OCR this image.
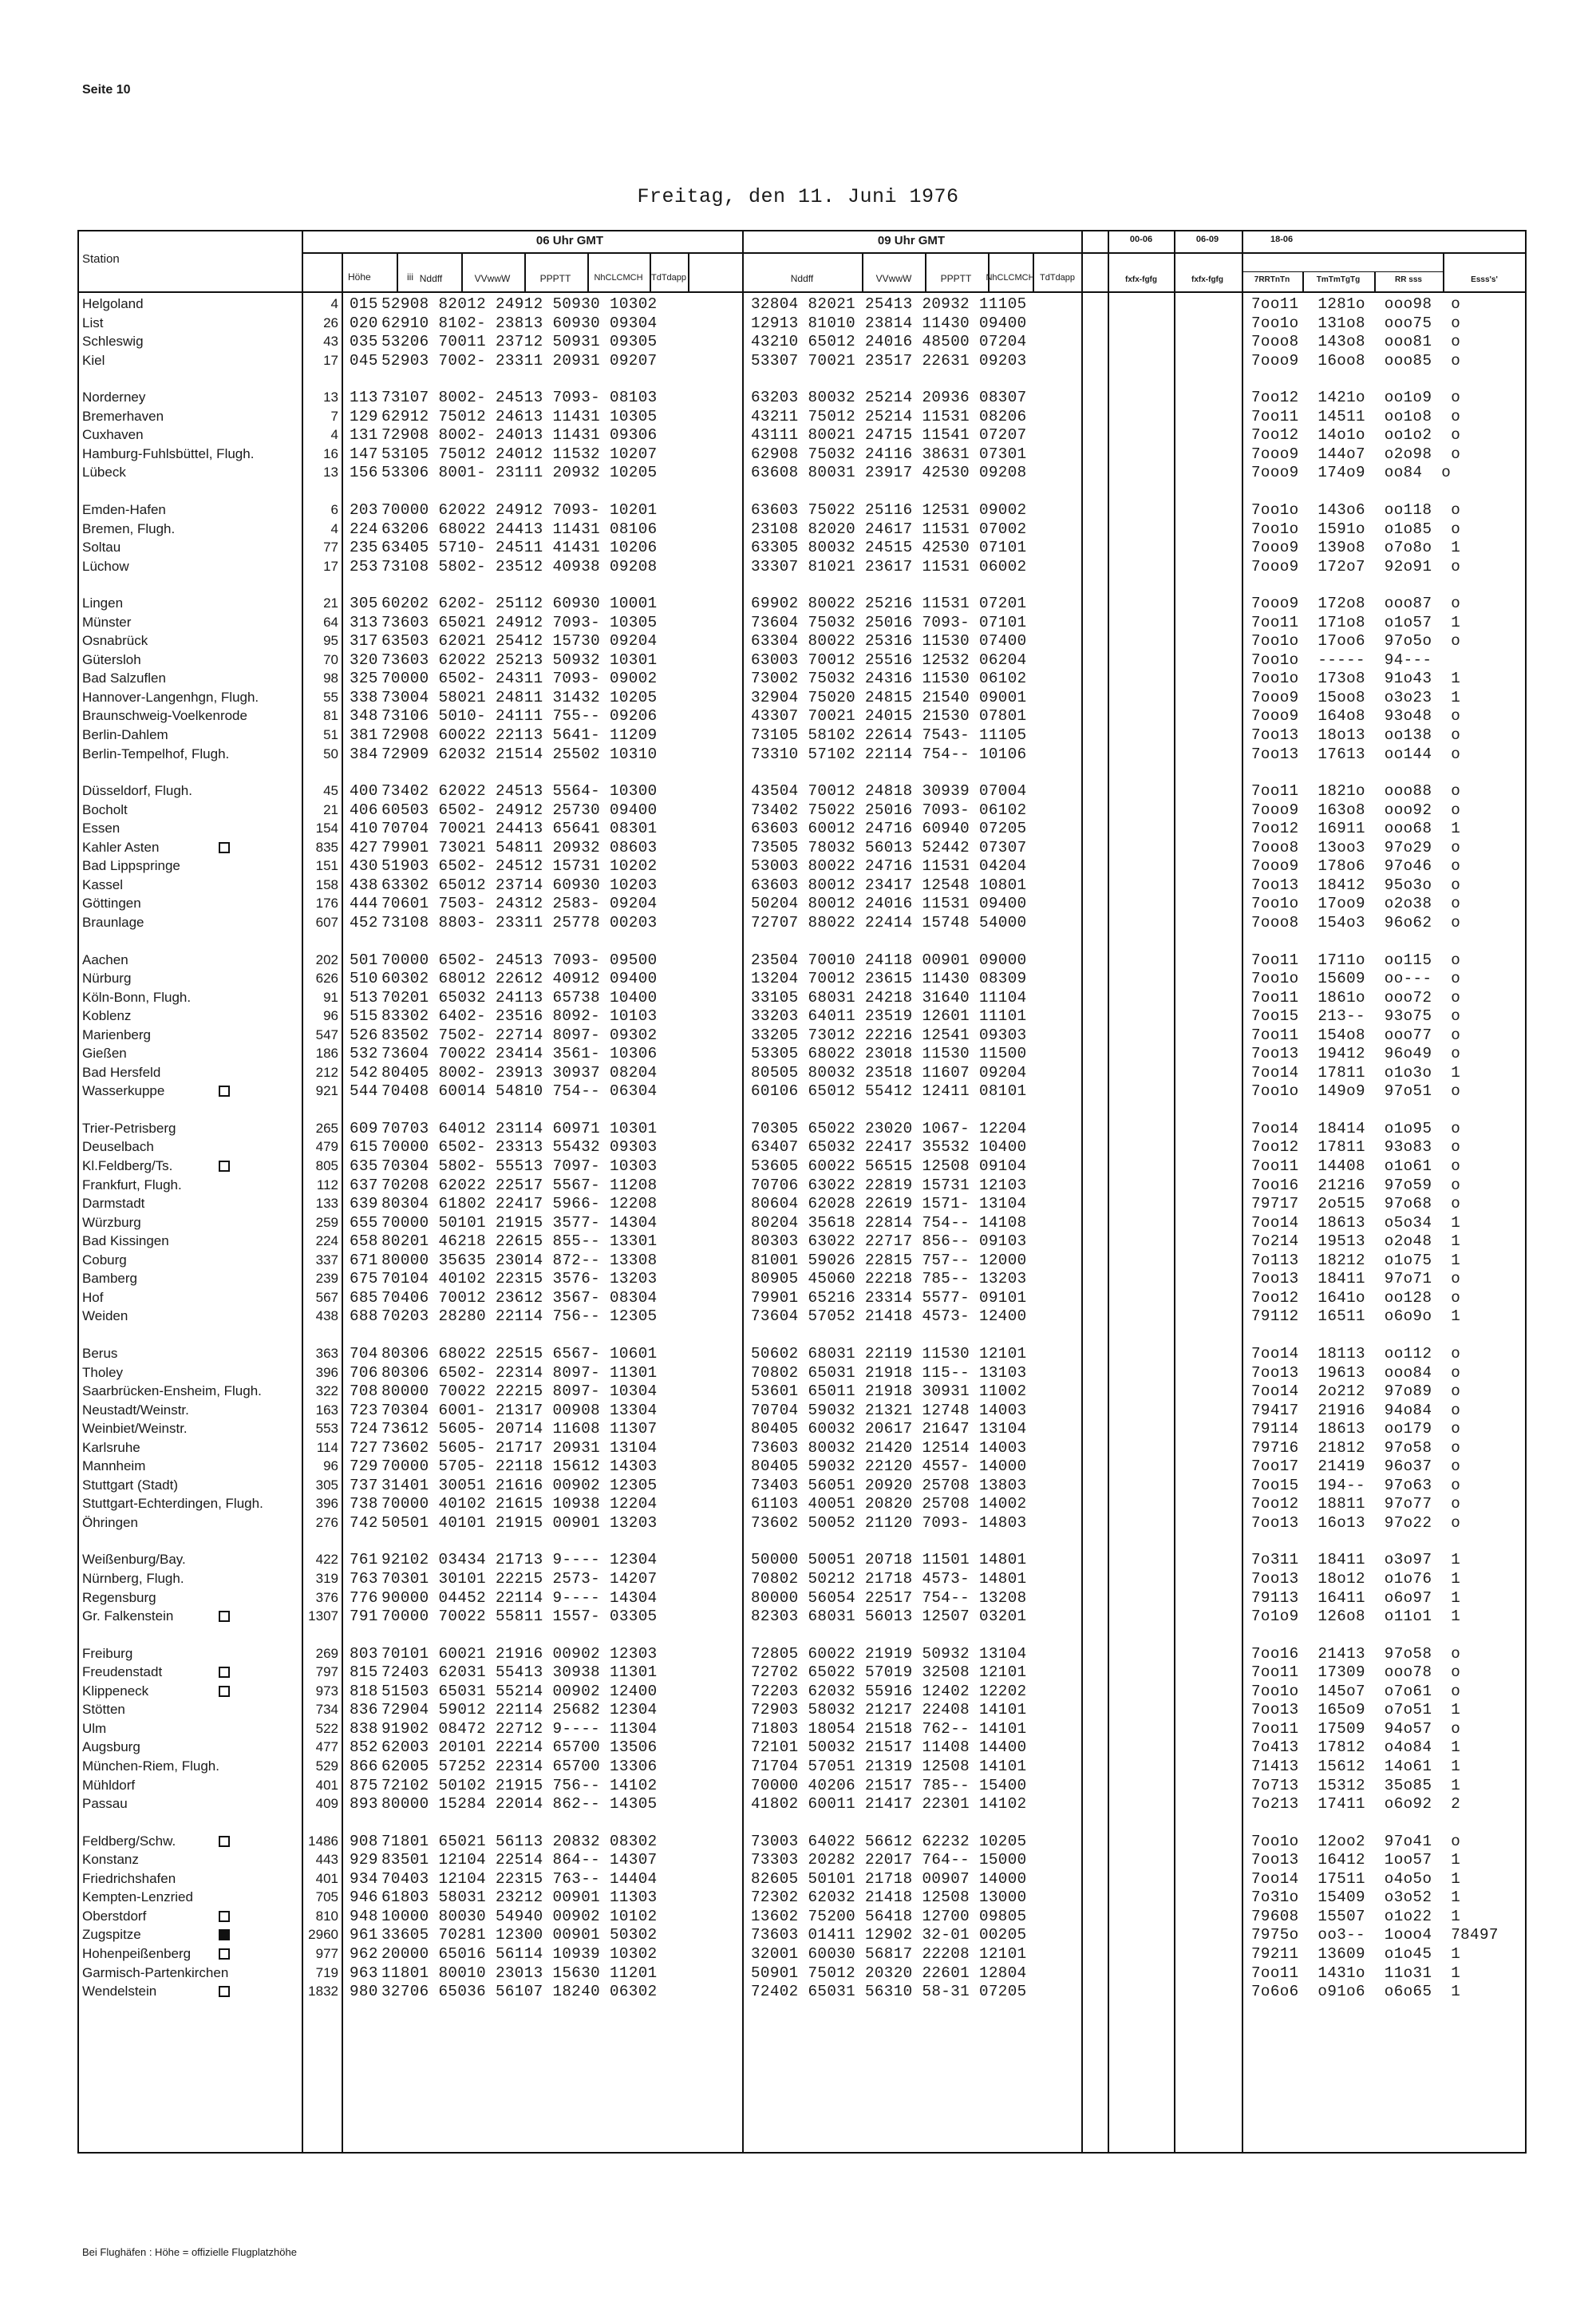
Seite 10
Freitag, den 11. Juni 1976
Station
Höhe	iii
06 Uhr GMT	09 Uhr GMT
Nddff	VVwwW	PPPTT	NhCLCMCH TdTdapp	Nddff	VVwwW	PPPTT NhCLCMCH TdTdapp
00-06	06-09	18-06
fxfx-fgfg	fxfx-fgfg	7RRTnTn	TmTmTgTg	RR sss	Esss's'
Helgoland	4 015 52908 82012 24912 50930 10302	32804 82021 25413 20932 11105	7oo11  1281o  ooo98  o
List	26 020 62910 8102- 23813 60930 09304	12913 81010 23814 11430 09400	7oo1o  131o8  ooo75  o
Schleswig	43 035 53206 70011 23712 50931 09305	43210 65012 24016 48500 07204	7ooo8  143o8  ooo81  o
Kiel	17 045 52903 7002- 23311 20931 09207	53307 70021 23517 22631 09203	7ooo9  16oo8  ooo85  o
Norderney	13 113 73107 8002- 24513 7093- 08103	63203 80032 25214 20936 08307	7oo12  1421o  oo1o9  o
Bremerhaven	7 129 62912 75012 24613 11431 10305	43211 75012 25214 11531 08206	7oo11  14511  oo1o8  o
Cuxhaven	4 131 72908 8002- 24013 11431 09306	43111 80021 24715 11541 07207	7oo12  14o1o  oo1o2  o
Hamburg-Fuhlsbüttel, Flugh.	16 147 53105 75012 24012 11532 10207	62908 75032 24116 38631 07301	7ooo9  144o7  o2o98  o
Lübeck	13 156 53306 8001- 23111 20932 10205	63608 80031 23917 42530 09208	7ooo9  174o9  oo84  o
Emden-Hafen	6 203 70000 62022 24912 7093- 10201	63603 75022 25116 12531 09002	7oo1o  143o6  oo118  o
Bremen, Flugh.	4 224 63206 68022 24413 11431 08106	23108 82020 24617 11531 07002	7oo1o  1591o  o1o85  o
Soltau	77 235 63405 5710- 24511 41431 10206	63305 80032 24515 42530 07101	7ooo9  139o8  o7o8o  1
Lüchow	17 253 73108 5802- 23512 40938 09208	33307 81021 23617 11531 06002	7ooo9  172o7  92o91  o
Lingen	21 305 60202 6202- 25112 60930 10001	69902 80022 25216 11531 07201	7ooo9  172o8  ooo87  o
Münster	64 313 73603 65021 24912 7093- 10305	73604 75032 25016 7093- 07101	7oo11  171o8  o1o57  1
Osnabrück	95 317 63503 62021 25412 15730 09204	63304 80022 25316 11530 07400	7oo1o  17oo6  97o5o  o
Gütersloh	70 320 73603 62022 25213 50932 10301	63003 70012 25516 12532 06204	7oo1o  -----  94---
Bad Salzuflen	98 325 70000 6502- 24311 7093- 09002	73002 75032 24316 11530 06102	7oo1o  173o8  91o43  1
Hannover-Langenhgn, Flugh.	55 338 73004 58021 24811 31432 10205	32904 75020 24815 21540 09001	7ooo9  15oo8  o3o23  1
Braunschweig-Voelkenrode	81 348 73106 5010- 24111 755-- 09206	43307 70021 24015 21530 07801	7ooo9  164o8  93o48  o
Berlin-Dahlem	51 381 72908 60022 22113 5641- 11209	73105 58102 22614 7543- 11105	7oo13  18o13  oo138  o
Berlin-Tempelhof, Flugh.	50 384 72909 62032 21514 25502 10310	73310 57102 22114 754-- 10106	7oo13  17613  oo144  o
Düsseldorf, Flugh.	45 400 73402 62022 24513 5564- 10300	43504 70012 24818 30939 07004	7oo11  1821o  ooo88  o
Bocholt	21 406 60503 6502- 24912 25730 09400	73402 75022 25016 7093- 06102	7ooo9  163o8  ooo92  o
Essen	154 410 70704 70021 24413 65641 08301	63603 60012 24716 60940 07205	7oo12  16911  ooo68  1
Kahler Asten	835 427 79901 73021 54811 20932 08603	73505 78032 56013 52442 07307	7ooo8  13oo3  97o29  o
Bad Lippspringe	151 430 51903 6502- 24512 15731 10202	53003 80022 24716 11531 04204	7ooo9  178o6  97o46  o
Kassel	158 438 63302 65012 23714 60930 10203	63603 80012 23417 12548 10801	7oo13  18412  95o3o  o
Göttingen	176 444 70601 7503- 24312 2583- 09204	50204 80012 24016 11531 09400	7oo1o  17oo9  o2o38  o
Braunlage	607 452 73108 8803- 23311 25778 00203	72707 88022 22414 15748 54000	7ooo8  154o3  96o62  o
Aachen	202 501 70000 6502- 24513 7093- 09500	23504 70010 24118 00901 09000	7oo11  1711o  oo115  o
Nürburg	626 510 60302 68012 22612 40912 09400	13204 70012 23615 11430 08309	7oo1o  15609  oo---  o
Köln-Bonn, Flugh.	91 513 70201 65032 24113 65738 10400	33105 68031 24218 31640 11104	7oo11  1861o  ooo72  o
Koblenz	96 515 83302 6402- 23516 8092- 10103	33203 64011 23519 12601 11101	7oo15  213--  93o75  o
Marienberg	547 526 83502 7502- 22714 8097- 09302	33205 73012 22216 12541 09303	7oo11  154o8  ooo77  o
Gießen	186 532 73604 70022 23414 3561- 10306	53305 68022 23018 11530 11500	7oo13  19412  96o49  o
Bad Hersfeld	212 542 80405 8002- 23913 30937 08204	80505 80032 23518 11607 09204	7oo14  17811  o1o3o  1
Wasserkuppe	921 544 70408 60014 54810 754-- 06304	60106 65012 55412 12411 08101	7oo1o  149o9  97o51  o
Trier-Petrisberg	265 609 70703 64012 23114 60971 10301	70305 65022 23020 1067- 12204	7oo14  18414  o1o95  o
Deuselbach	479 615 70000 6502- 23313 55432 09303	63407 65032 22417 35532 10400	7oo12  17811  93o83  o
Kl.Feldberg/Ts.	805 635 70304 5802- 55513 7097- 10303	53605 60022 56515 12508 09104	7oo11  14408  o1o61  o
Frankfurt, Flugh.	112 637 70208 62022 22517 5567- 11208	70706 63022 22819 15731 12103	7oo16  21216  97o59  o
Darmstadt	133 639 80304 61802 22417 5966- 12208	80604 62028 22619 1571- 13104	79717  2o515  97o68  o
Würzburg	259 655 70000 50101 21915 3577- 14304	80204 35618 22814 754-- 14108	7oo14  18613  o5o34  1
Bad Kissingen	224 658 80201 46218 22615 855-- 13301	80303 63022 22717 856-- 09103	7o214  19513  o2o48  1
Coburg	337 671 80000 35635 23014 872-- 13308	81001 59026 22815 757-- 12000	7o113  18212  o1o75  1
Bamberg	239 675 70104 40102 22315 3576- 13203	80905 45060 22218 785-- 13203	7oo13  18411  97o71  o
Hof	567 685 70406 70012 23612 3567- 08304	79901 65216 23314 5577- 09101	7oo12  1641o  oo128  o
Weiden	438 688 70203 28280 22114 756-- 12305	73604 57052 21418 4573- 12400	79112  16511  o6o9o  1
Berus	363 704 80306 68022 22515 6567- 10601	50602 68031 22119 11530 12101	7oo14  18113  oo112  o
Tholey	396 706 80306 6502- 22314 8097- 11301	70802 65031 21918 115-- 13103	7oo13  19613  ooo84  o
Saarbrücken-Ensheim, Flugh.	322 708 80000 70022 22215 8097- 10304	53601 65011 21918 30931 11002	7oo14  2o212  97o89  o
Neustadt/Weinstr.	163 723 70304 6001- 21317 00908 13304	70704 59032 21321 12748 14003	79417  21916  94o84  o
Weinbiet/Weinstr.	553 724 73612 5605- 20714 11608 11307	80405 60032 20617 21647 13104	79114  18613  oo179  o
Karlsruhe	114 727 73602 5605- 21717 20931 13104	73603 80032 21420 12514 14003	79716  21812  97o58  o
Mannheim	96 729 70000 5705- 22118 15612 14303	80405 59032 22120 4557- 14000	7oo17  21419  96o37  o
Stuttgart (Stadt)	305 737 31401 30051 21616 00902 12305	73403 56051 20920 25708 13803	7oo15  194--  97o63  o
Stuttgart-Echterdingen, Flugh.	396 738 70000 40102 21615 10938 12204	61103 40051 20820 25708 14002	7oo12  18811  97o77  o
Öhringen	276 742 50501 40101 21915 00901 13203	73602 50052 21120 7093- 14803	7oo13  16o13  97o22  o
Weißenburg/Bay.	422 761 92102 03434 21713 9---- 12304	50000 50051 20718 11501 14801	7o311  18411  o3o97  1
Nürnberg, Flugh.	319 763 70301 30101 22215 2573- 14207	70802 50212 21718 4573- 14801	7oo13  18o12  o1o76  1
Regensburg	376 776 90000 04452 22114 9---- 14304	80000 56054 22517 754-- 13208	79113  16411  o6o97  1
Gr. Falkenstein	1307 791 70000 70022 55811 1557- 03305	82303 68031 56013 12507 03201	7o1o9  126o8  o11o1  1
Freiburg	269 803 70101 60021 21916 00902 12303	72805 60022 21919 50932 13104	7oo16  21413  97o58  o
Freudenstadt	797 815 72403 62031 55413 30938 11301	72702 65022 57019 32508 12101	7oo11  17309  ooo78  o
Klippeneck	973 818 51503 65031 55214 00902 12400	72203 62032 55916 12402 12202	7oo1o  145o7  o7o61  o
Stötten	734 836 72904 59012 22114 25682 12304	72903 58032 21217 22408 14101	7oo13  165o9  o7o51  1
Ulm	522 838 91902 08472 22712 9---- 11304	71803 18054 21518 762-- 14101	7oo11  17509  94o57  o
Augsburg	477 852 62003 20101 22214 65700 13506	72101 50032 21517 11408 14400	7o413  17812  o4o84  1
München-Riem, Flugh.	529 866 62005 57252 22314 65700 13306	71704 57051 21319 12508 14101	71413  15612  14o61  1
Mühldorf	401 875 72102 50102 21915 756-- 14102	70000 40206 21517 785-- 15400	7o713  15312  35o85  1
Passau	409 893 80000 15284 22014 862-- 14305	41802 60011 21417 22301 14102	7o213  17411  o6o92  2
Feldberg/Schw.	1486 908 71801 65021 56113 20832 08302	73003 64022 56612 62232 10205	7oo1o  12oo2  97o41  o
Konstanz	443 929 83501 12104 22514 864-- 14307	73303 20282 22017 764-- 15000	7oo13  16412  1oo57  1
Friedrichshafen	401 934 70403 12104 22315 763-- 14404	82605 50101 21718 00907 14000	7oo14  17511  o4o5o  1
Kempten-Lenzried	705 946 61803 58031 23212 00901 11303	72302 62032 21418 12508 13000	7o31o  15409  o3o52  1
Oberstdorf	810 948 10000 80030 54940 00902 10102	13602 75200 56418 12700 09805	79608  15507  o1o22  1
Zugspitze	2960 961 33605 70281 12300 00901 50302	73603 01411 12902 32-01 00205	7975o  oo3--  1ooo4  78497
Hohenpeißenberg	977 962 20000 65016 56114 10939 10302	32001 60030 56817 22208 12101	79211  13609  o1o45  1
Garmisch-Partenkirchen	719 963 11801 80010 23013 15630 11201	50901 75012 20320 22601 12804	7oo11  1431o  11o31  1
Wendelstein	1832 980 32706 65036 56107 18240 06302	72402 65031 56310 58-31 07205	7o6o6  o91o6  o6o65  1
Bei Flughäfen : Höhe = offizielle Flugplatzhöhe
